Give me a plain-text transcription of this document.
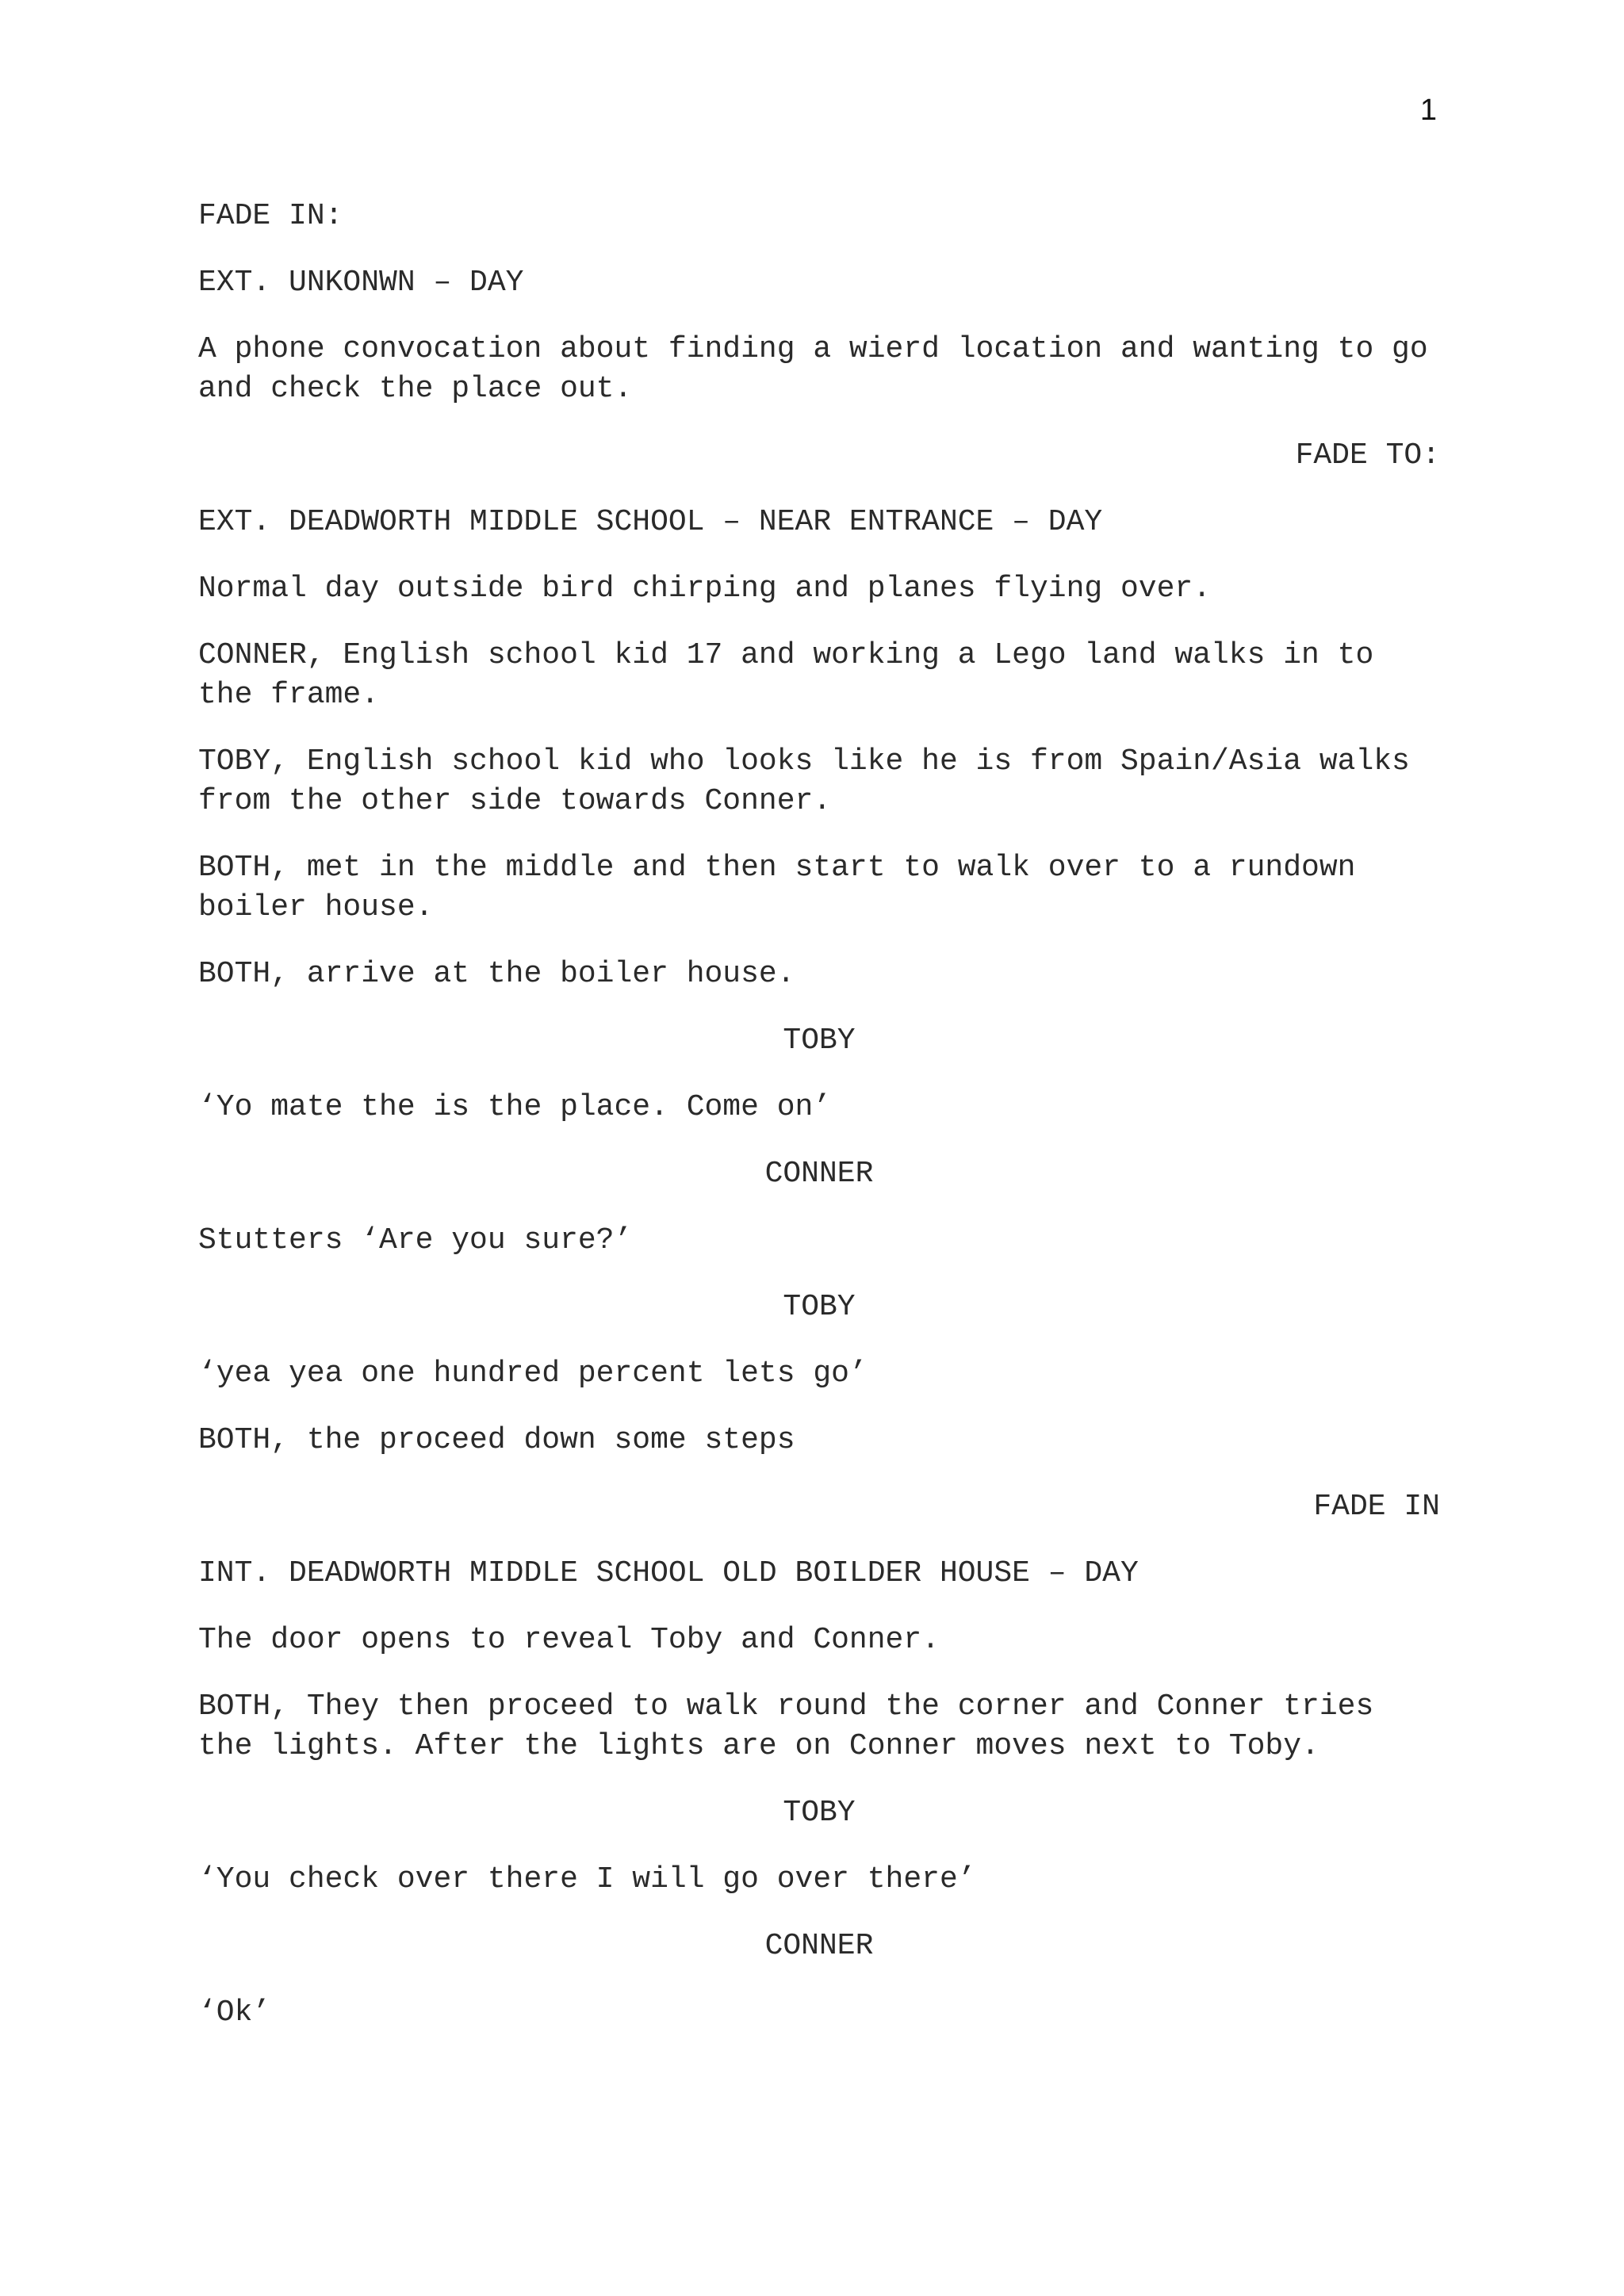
1
FADE IN:
EXT. UNKONWN – DAY
A phone convocation about finding a wierd location and wanting to go
and check the place out.
FADE TO:
EXT. DEADWORTH MIDDLE SCHOOL – NEAR ENTRANCE – DAY
Normal day outside bird chirping and planes flying over.
CONNER, English school kid 17 and working a Lego land walks in to
the frame.
TOBY, English school kid who looks like he is from Spain/Asia walks
from the other side towards Conner.
BOTH, met in the middle and then start to walk over to a rundown
boiler house.
BOTH, arrive at the boiler house.
TOBY
‘Yo mate the is the place. Come on’
CONNER
Stutters ‘Are you sure?’
TOBY
‘yea yea one hundred percent lets go’
BOTH, the proceed down some steps
FADE IN
INT. DEADWORTH MIDDLE SCHOOL OLD BOILDER HOUSE – DAY
The door opens to reveal Toby and Conner.
BOTH, They then proceed to walk round the corner and Conner tries
the lights. After the lights are on Conner moves next to Toby.
TOBY
‘You check over there I will go over there’
CONNER
‘Ok’
